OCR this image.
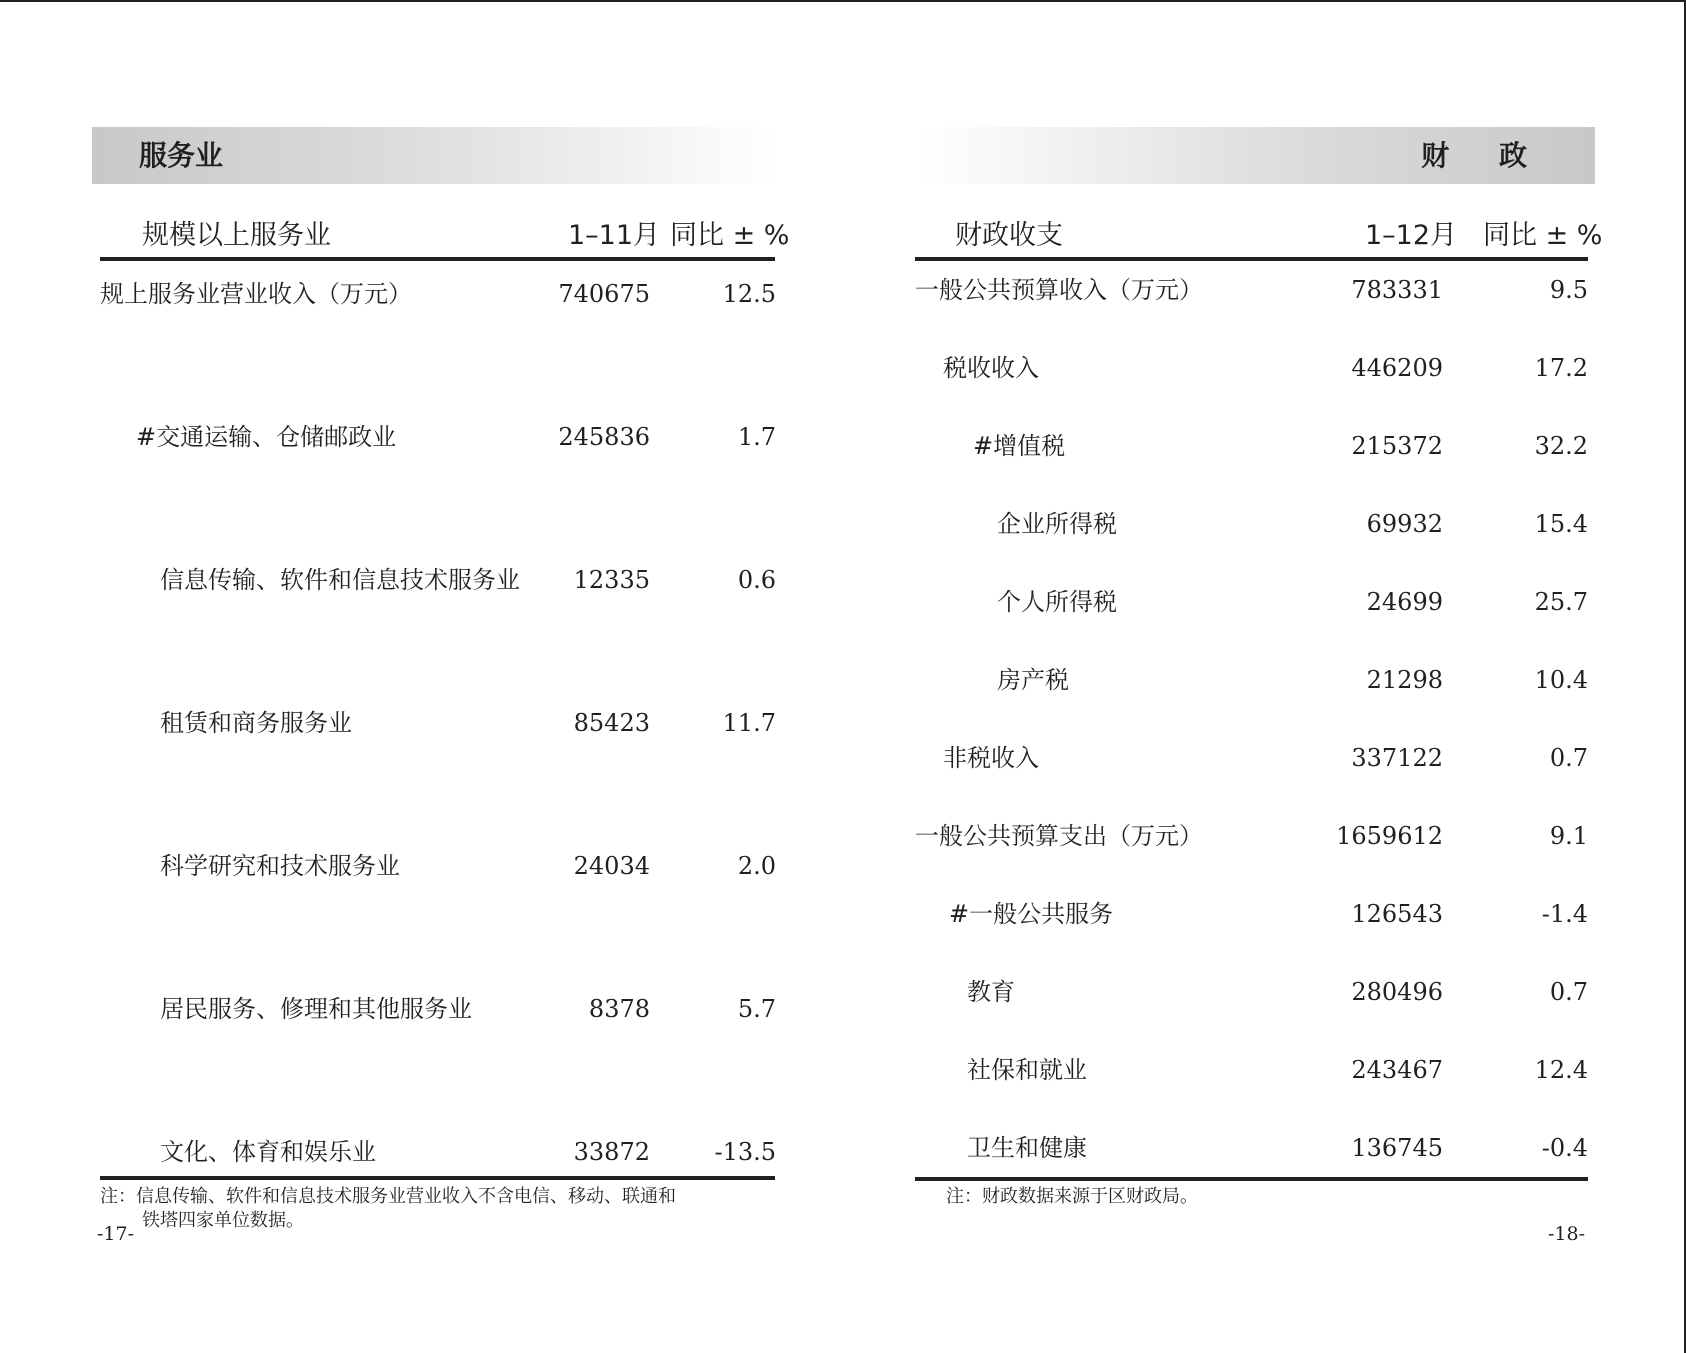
服务业
规模以上服务业	1–11月 同比 ± %
规上服务业营业收入（万元）	740675	12.5
#交通运输、仓储邮政业	245836	1.7
信息传输、软件和信息技术服务业 12335	0.6
租赁和商务服务业	85423	11.7
科学研究和技术服务业	24034	2.0
居民服务、修理和其他服务业	8378	5.7
文化、体育和娱乐业	33872	-13.5
注：信息传输、软件和信息技术服务业营业收入不含电信、移动、联通和
铁塔四家单位数据。
-17-
财 政
财政收支	1–12月 同比 ± %
一般公共预算收入（万元）	783331	9.5
税收收入	446209	17.2
#增值税	215372	32.2
企业所得税	69932	15.4
个人所得税	24699	25.7
房产税	21298	10.4
非税收入	337122	0.7
一般公共预算支出（万元）	1659612	9.1
#一般公共服务	126543	-1.4
教育	280496	0.7
社保和就业	243467	12.4
卫生和健康	136745	-0.4
注：财政数据来源于区财政局。
-18-
